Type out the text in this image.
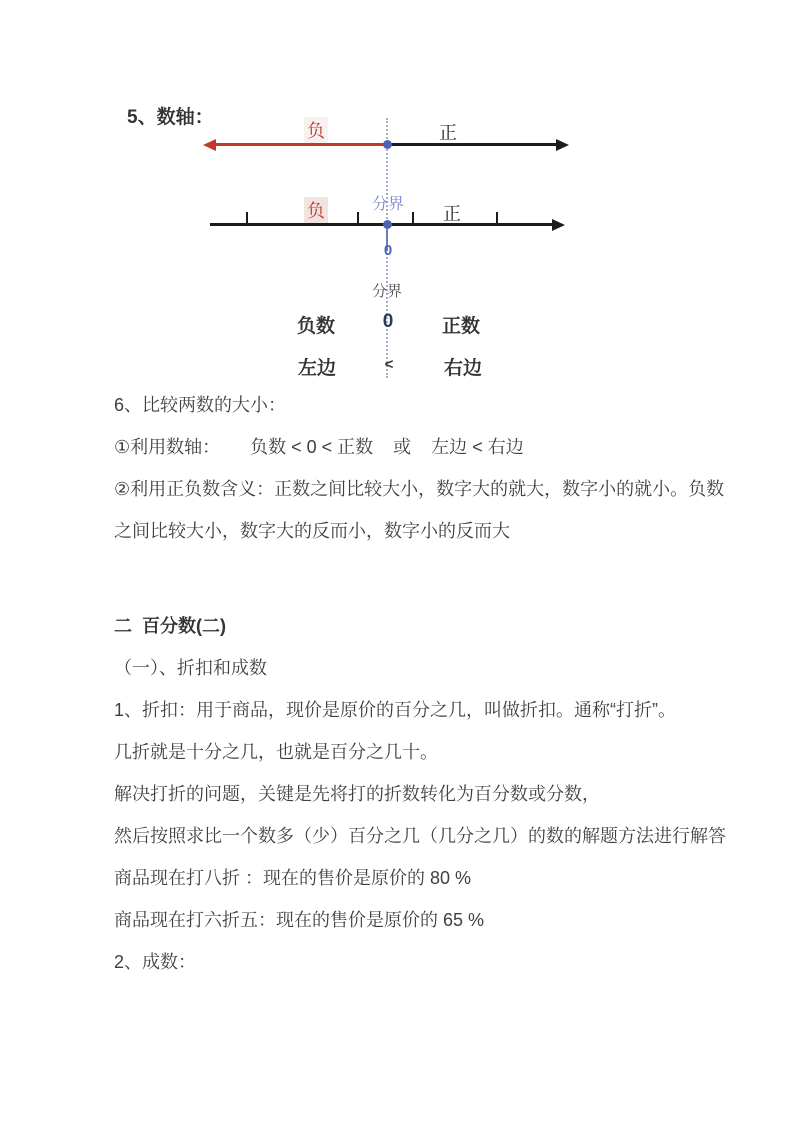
5、数轴：
负	正
负	分界 正
0
分界
负数	0	正数
左边	<	右边

6、比较两数的大小：

①利用数轴：      负数 < 0 < 正数    或    左边 < 右边

②利用正负数含义：正数之间比较大小，数字大的就大，数字小的就小。负数

之间比较大小，数字大的反而小，数字小的反而大

二  百分数(二)

（一）、折扣和成数

1、折扣：用于商品，现价是原价的百分之几，叫做折扣。通称“打折”。

几折就是十分之几，也就是百分之几十。

解决打折的问题，关键是先将打的折数转化为百分数或分数，

然后按照求比一个数多（少）百分之几（几分之几）的数的解题方法进行解答

商品现在打八折 ：现在的售价是原价的 80 %

商品现在打六折五：现在的售价是原价的 65 %

2、成数：
